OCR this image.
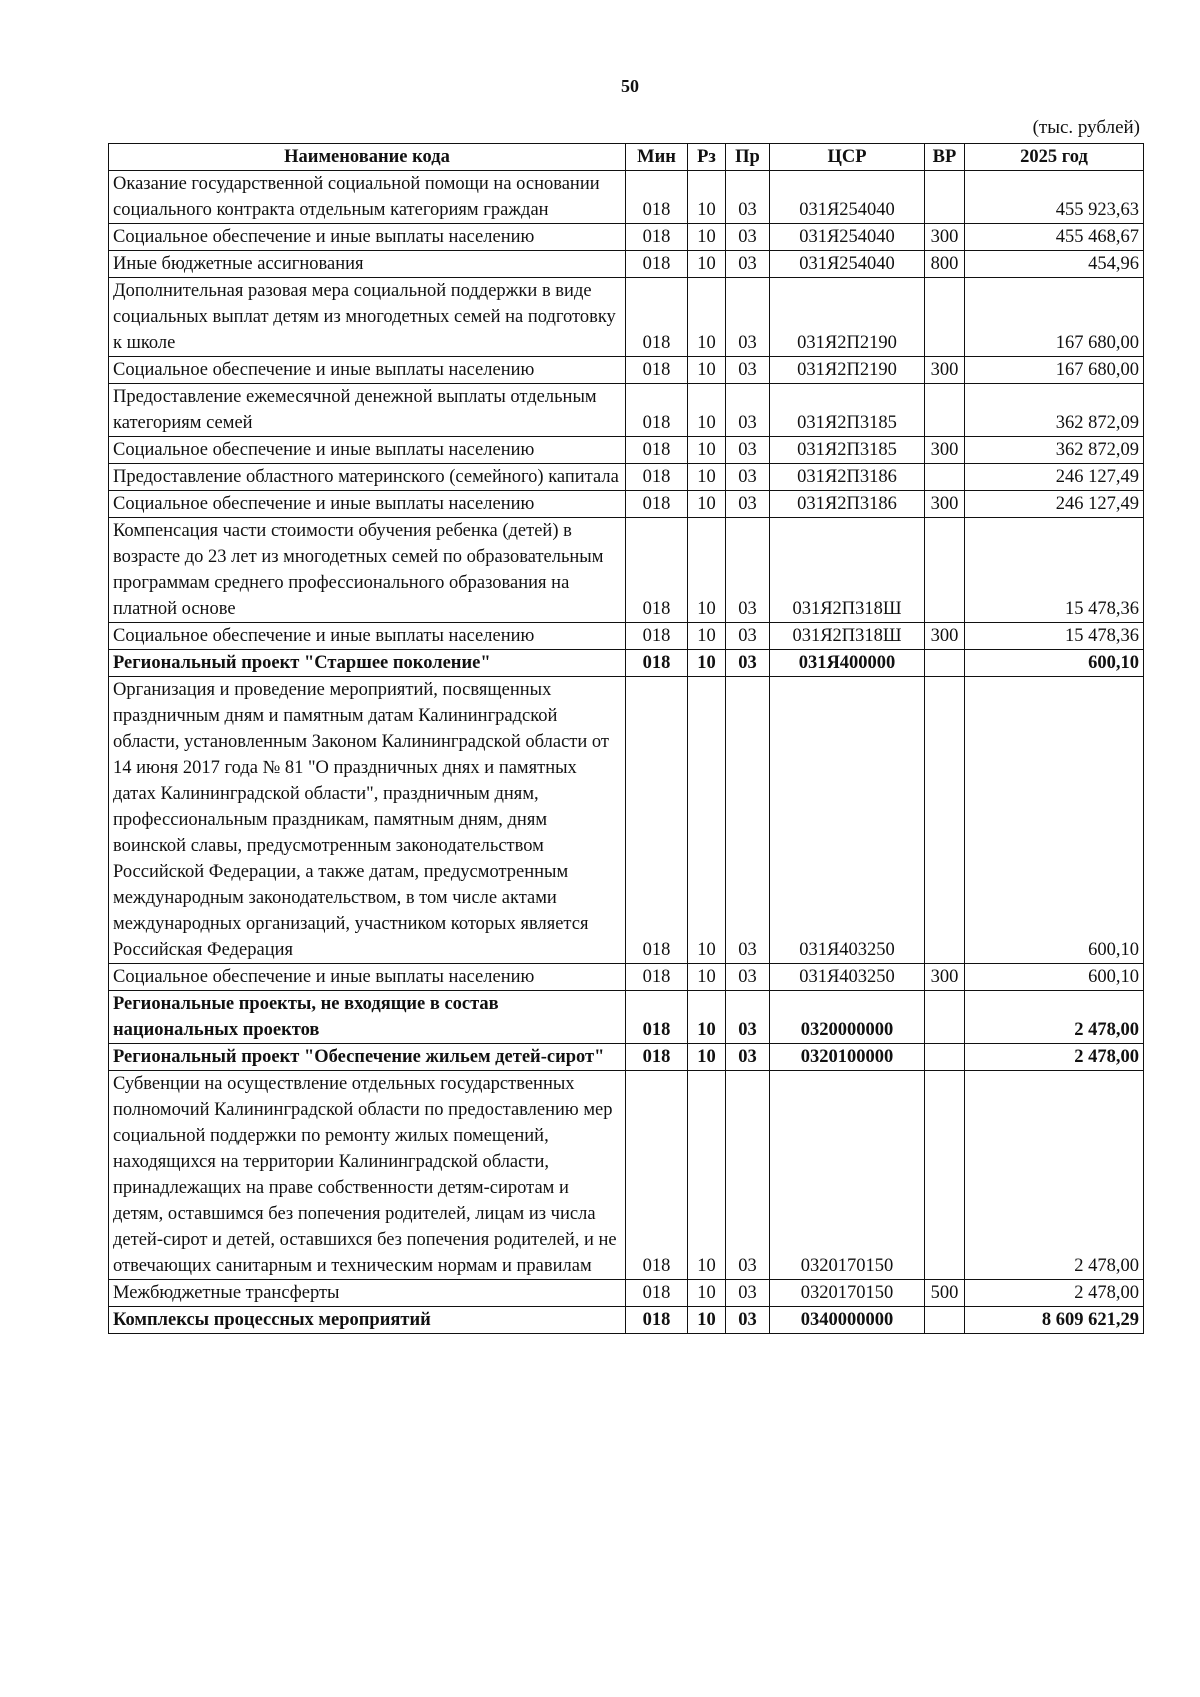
50
(тыс. рублей)
Наименование кода	Мин	Рз	Пр	ЦСР	ВР	2025 год
Оказание государственной социальной помощи на основании социального контракта отдельным категориям граждан	018	10	03	031Я254040		455 923,63
Социальное обеспечение и иные выплаты населению	018	10	03	031Я254040	300	455 468,67
Иные бюджетные ассигнования	018	10	03	031Я254040	800	454,96
Дополнительная разовая мера социальной поддержки в виде социальных выплат детям из многодетных семей на подготовку к школе	018	10	03	031Я2П2190		167 680,00
Социальное обеспечение и иные выплаты населению	018	10	03	031Я2П2190	300	167 680,00
Предоставление ежемесячной денежной выплаты отдельным категориям семей	018	10	03	031Я2П3185		362 872,09
Социальное обеспечение и иные выплаты населению	018	10	03	031Я2П3185	300	362 872,09
Предоставление областного материнского (семейного) капитала	018	10	03	031Я2П3186		246 127,49
Социальное обеспечение и иные выплаты населению	018	10	03	031Я2П3186	300	246 127,49
Компенсация части стоимости обучения ребенка (детей) в возрасте до 23 лет из многодетных семей по образовательным программам среднего профессионального образования на платной основе	018	10	03	031Я2П318Ш		15 478,36
Социальное обеспечение и иные выплаты населению	018	10	03	031Я2П318Ш	300	15 478,36
Региональный проект "Старшее поколение"	018	10	03	031Я400000		600,10
Организация и проведение мероприятий, посвященных праздничным дням и памятным датам Калининградской области, установленным Законом Калининградской области от 14 июня 2017 года № 81 "О праздничных днях и памятных датах Калининградской области", праздничным дням, профессиональным праздникам, памятным дням, дням воинской славы, предусмотренным законодательством Российской Федерации, а также датам, предусмотренным международным законодательством, в том числе актами международных организаций, участником которых является Российская Федерация	018	10	03	031Я403250		600,10
Социальное обеспечение и иные выплаты населению	018	10	03	031Я403250	300	600,10
Региональные проекты, не входящие в состав национальных проектов	018	10	03	0320000000		2 478,00
Региональный проект "Обеспечение жильем детей-сирот"	018	10	03	0320100000		2 478,00
Субвенции на осуществление отдельных государственных полномочий Калининградской области по предоставлению мер социальной поддержки по ремонту жилых помещений, находящихся на территории Калининградской области, принадлежащих на праве собственности детям-сиротам и детям, оставшимся без попечения родителей, лицам из числа детей-сирот и детей, оставшихся без попечения родителей, и не отвечающих санитарным и техническим нормам и правилам	018	10	03	0320170150		2 478,00
Межбюджетные трансферты	018	10	03	0320170150	500	2 478,00
Комплексы процессных мероприятий	018	10	03	0340000000		8 609 621,29
